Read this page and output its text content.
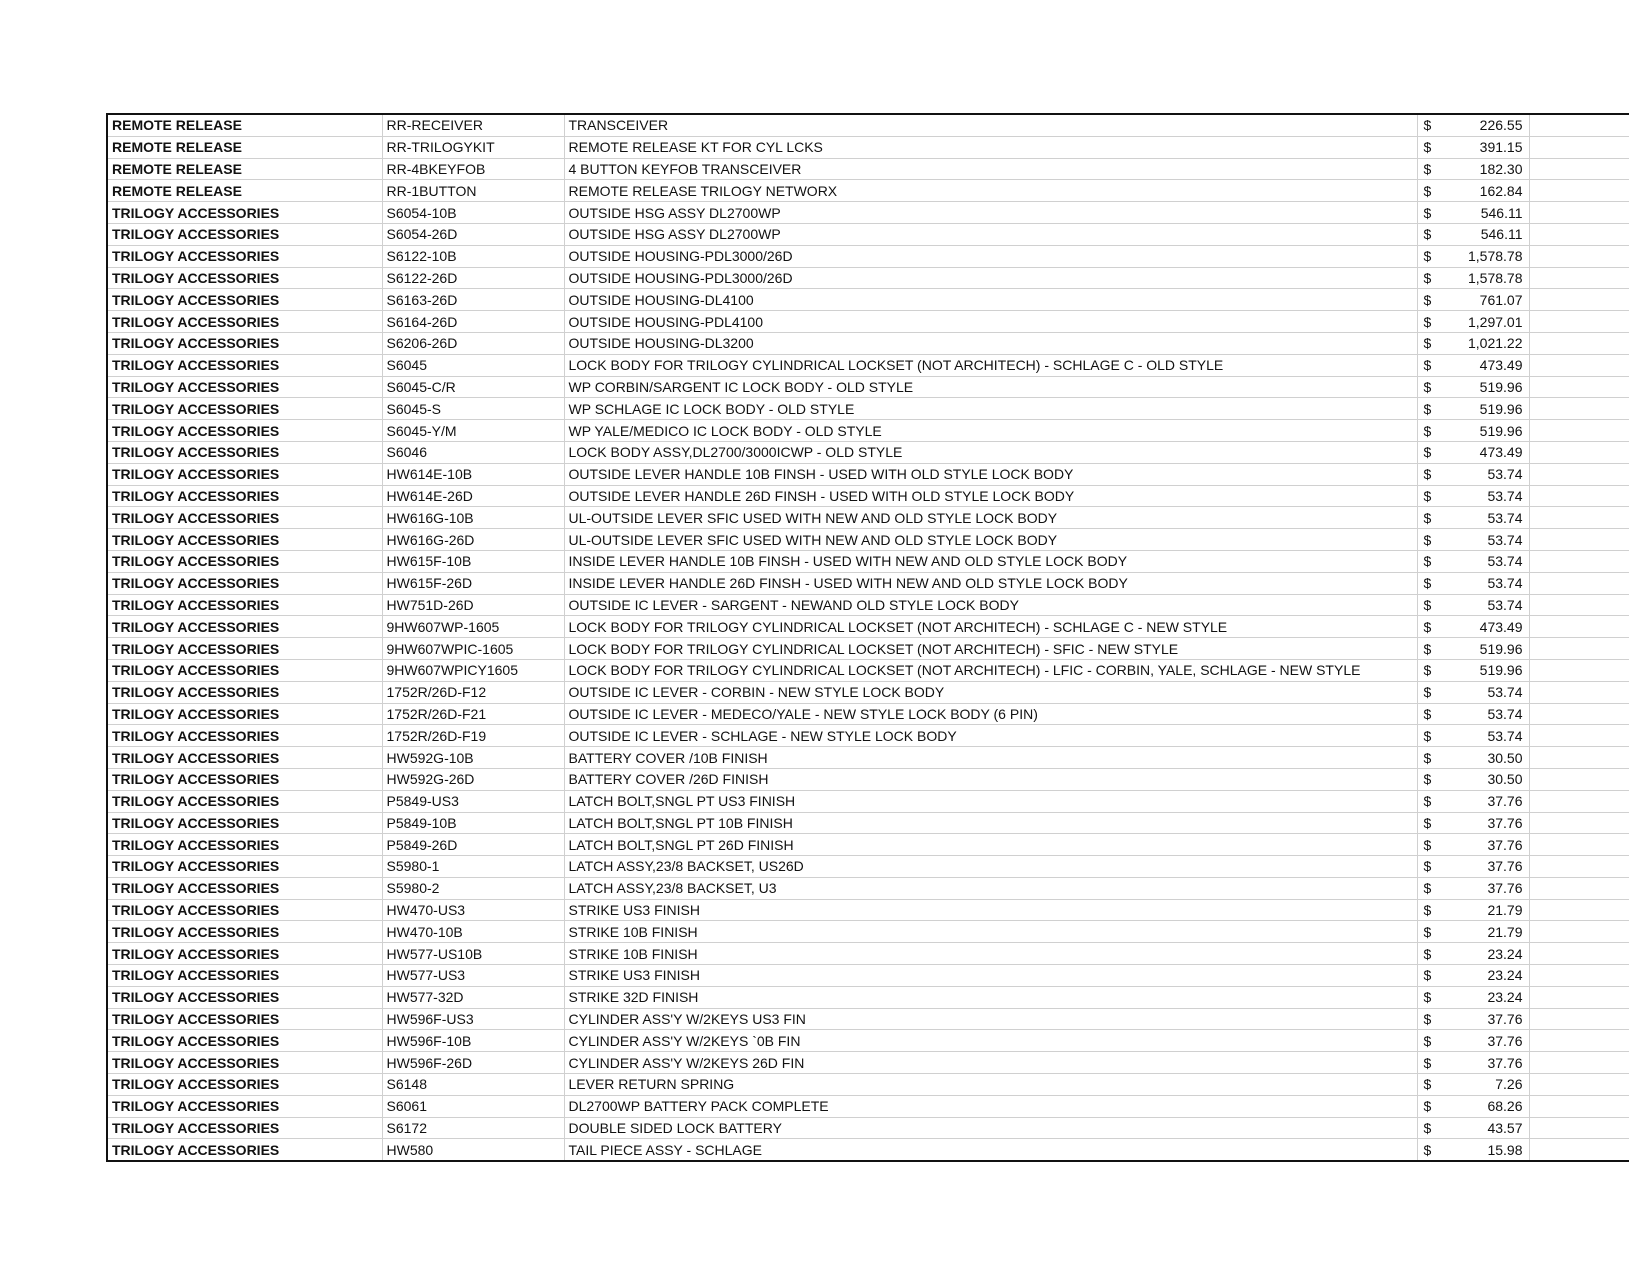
REMOTE RELEASE	RR-RECEIVER	TRANSCEIVER	$	226.55	
REMOTE RELEASE	RR-TRILOGYKIT	REMOTE RELEASE KT FOR CYL LCKS	$	391.15	
REMOTE RELEASE	RR-4BKEYFOB	4 BUTTON KEYFOB TRANSCEIVER	$	182.30	
REMOTE RELEASE	RR-1BUTTON	REMOTE RELEASE TRILOGY NETWORX	$	162.84	
TRILOGY ACCESSORIES	S6054-10B	OUTSIDE HSG ASSY DL2700WP	$	546.11	
TRILOGY ACCESSORIES	S6054-26D	OUTSIDE HSG ASSY DL2700WP	$	546.11	
TRILOGY ACCESSORIES	S6122-10B	OUTSIDE HOUSING-PDL3000/26D	$	1,578.78	
TRILOGY ACCESSORIES	S6122-26D	OUTSIDE HOUSING-PDL3000/26D	$	1,578.78	
TRILOGY ACCESSORIES	S6163-26D	OUTSIDE HOUSING-DL4100	$	761.07	
TRILOGY ACCESSORIES	S6164-26D	OUTSIDE HOUSING-PDL4100	$	1,297.01	
TRILOGY ACCESSORIES	S6206-26D	OUTSIDE HOUSING-DL3200	$	1,021.22	
TRILOGY ACCESSORIES	S6045	LOCK BODY FOR TRILOGY CYLINDRICAL LOCKSET (NOT ARCHITECH) - SCHLAGE C - OLD STYLE	$	473.49	
TRILOGY ACCESSORIES	S6045-C/R	WP CORBIN/SARGENT IC LOCK BODY - OLD STYLE	$	519.96	
TRILOGY ACCESSORIES	S6045-S	WP SCHLAGE IC LOCK BODY - OLD STYLE	$	519.96	
TRILOGY ACCESSORIES	S6045-Y/M	WP YALE/MEDICO IC LOCK BODY - OLD STYLE	$	519.96	
TRILOGY ACCESSORIES	S6046	LOCK BODY ASSY,DL2700/3000ICWP - OLD STYLE	$	473.49	
TRILOGY ACCESSORIES	HW614E-10B	OUTSIDE LEVER HANDLE 10B FINSH - USED WITH OLD STYLE LOCK BODY	$	53.74	
TRILOGY ACCESSORIES	HW614E-26D	OUTSIDE LEVER HANDLE 26D FINSH - USED WITH OLD STYLE LOCK BODY	$	53.74	
TRILOGY ACCESSORIES	HW616G-10B	UL-OUTSIDE LEVER SFIC USED WITH NEW AND OLD STYLE LOCK BODY	$	53.74	
TRILOGY ACCESSORIES	HW616G-26D	UL-OUTSIDE LEVER SFIC USED WITH NEW AND OLD STYLE LOCK BODY	$	53.74	
TRILOGY ACCESSORIES	HW615F-10B	INSIDE LEVER HANDLE 10B FINSH - USED WITH NEW AND OLD STYLE LOCK BODY	$	53.74	
TRILOGY ACCESSORIES	HW615F-26D	INSIDE LEVER HANDLE 26D FINSH - USED WITH NEW AND OLD STYLE LOCK BODY	$	53.74	
TRILOGY ACCESSORIES	HW751D-26D	OUTSIDE IC LEVER - SARGENT - NEWAND OLD STYLE LOCK BODY	$	53.74	
TRILOGY ACCESSORIES	9HW607WP-1605	LOCK BODY FOR TRILOGY CYLINDRICAL LOCKSET (NOT ARCHITECH) - SCHLAGE C - NEW STYLE	$	473.49	
TRILOGY ACCESSORIES	9HW607WPIC-1605	LOCK BODY FOR TRILOGY CYLINDRICAL LOCKSET (NOT ARCHITECH) - SFIC - NEW STYLE	$	519.96	
TRILOGY ACCESSORIES	9HW607WPICY1605	LOCK BODY FOR TRILOGY CYLINDRICAL LOCKSET (NOT ARCHITECH) - LFIC - CORBIN, YALE, SCHLAGE - NEW STYLE	$	519.96	
TRILOGY ACCESSORIES	1752R/26D-F12	OUTSIDE IC LEVER - CORBIN - NEW STYLE LOCK BODY	$	53.74	
TRILOGY ACCESSORIES	1752R/26D-F21	OUTSIDE IC LEVER - MEDECO/YALE - NEW STYLE LOCK BODY (6 PIN)	$	53.74	
TRILOGY ACCESSORIES	1752R/26D-F19	OUTSIDE IC LEVER - SCHLAGE - NEW STYLE LOCK BODY	$	53.74	
TRILOGY ACCESSORIES	HW592G-10B	BATTERY COVER /10B FINISH	$	30.50	
TRILOGY ACCESSORIES	HW592G-26D	BATTERY COVER /26D FINISH	$	30.50	
TRILOGY ACCESSORIES	P5849-US3	LATCH BOLT,SNGL PT US3 FINISH	$	37.76	
TRILOGY ACCESSORIES	P5849-10B	LATCH BOLT,SNGL PT 10B FINISH	$	37.76	
TRILOGY ACCESSORIES	P5849-26D	LATCH BOLT,SNGL PT 26D FINISH	$	37.76	
TRILOGY ACCESSORIES	S5980-1	LATCH ASSY,23/8 BACKSET, US26D	$	37.76	
TRILOGY ACCESSORIES	S5980-2	LATCH ASSY,23/8 BACKSET, U3	$	37.76	
TRILOGY ACCESSORIES	HW470-US3	STRIKE US3 FINISH	$	21.79	
TRILOGY ACCESSORIES	HW470-10B	STRIKE 10B FINISH	$	21.79	
TRILOGY ACCESSORIES	HW577-US10B	STRIKE 10B FINISH	$	23.24	
TRILOGY ACCESSORIES	HW577-US3	STRIKE US3 FINISH	$	23.24	
TRILOGY ACCESSORIES	HW577-32D	STRIKE 32D FINISH	$	23.24	
TRILOGY ACCESSORIES	HW596F-US3	CYLINDER ASS'Y W/2KEYS US3 FIN	$	37.76	
TRILOGY ACCESSORIES	HW596F-10B	CYLINDER ASS'Y W/2KEYS `0B FIN	$	37.76	
TRILOGY ACCESSORIES	HW596F-26D	CYLINDER ASS'Y W/2KEYS 26D FIN	$	37.76	
TRILOGY ACCESSORIES	S6148	LEVER RETURN SPRING	$	7.26	
TRILOGY ACCESSORIES	S6061	DL2700WP BATTERY PACK COMPLETE	$	68.26	
TRILOGY ACCESSORIES	S6172	DOUBLE SIDED LOCK BATTERY	$	43.57	
TRILOGY ACCESSORIES	HW580	TAIL PIECE ASSY - SCHLAGE	$	15.98	
